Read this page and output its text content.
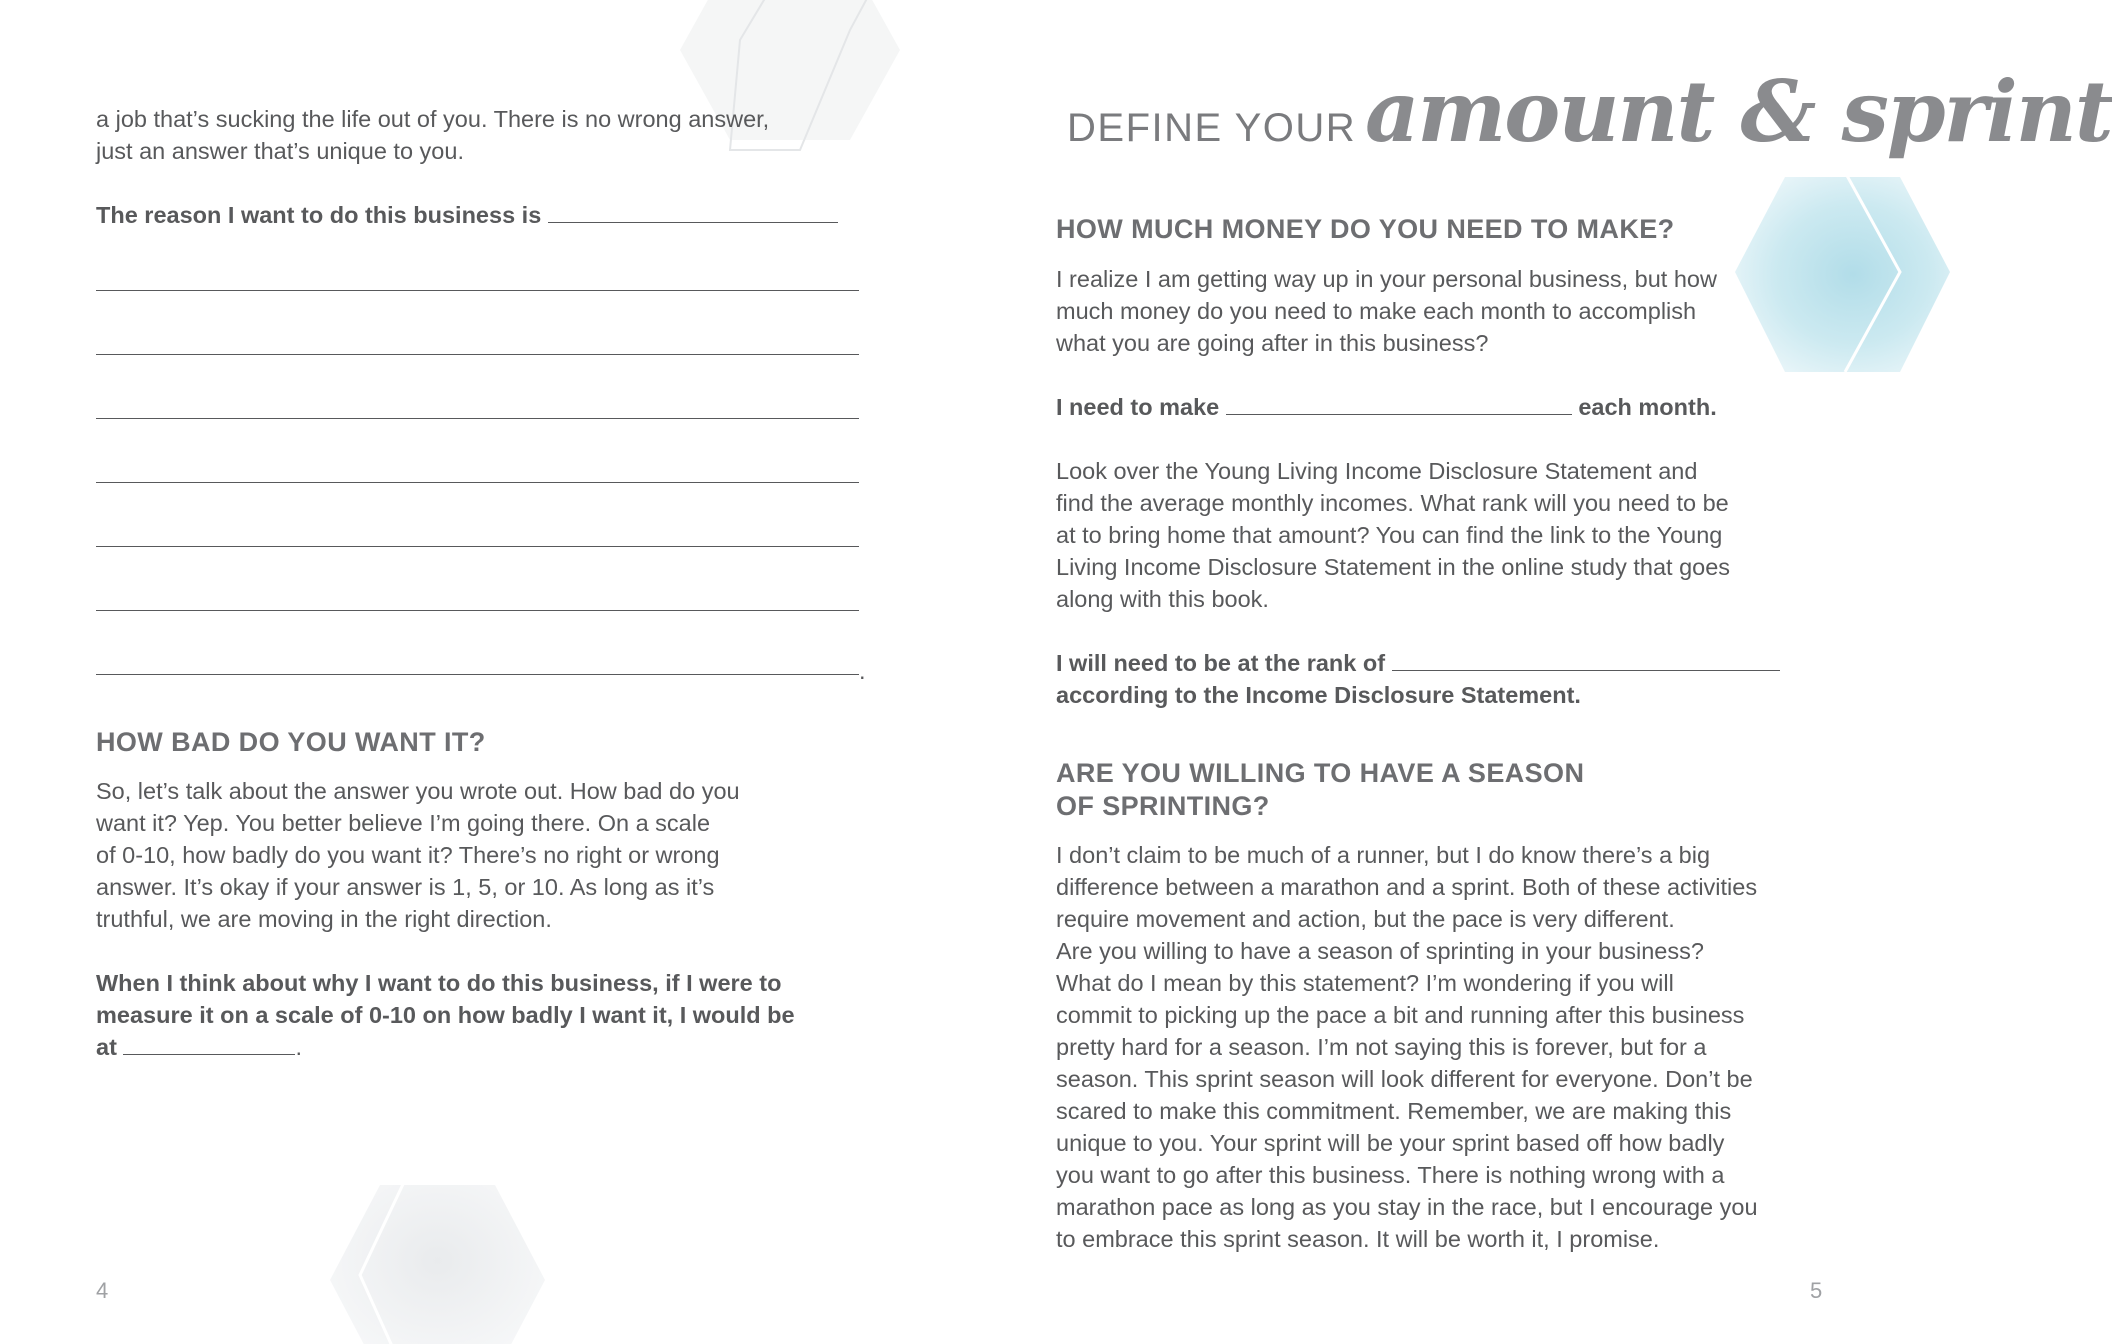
a job that’s sucking the life out of you. There is no wrong answer,

just an answer that’s unique to you.

The reason I want to do this business is

.

HOW BAD DO YOU WANT IT?

So, let’s talk about the answer you wrote out. How bad do you

want it? Yep. You better believe I’m going there. On a scale

of 0-10, how badly do you want it? There’s no right or wrong

answer. It’s okay if your answer is 1, 5, or 10. As long as it’s

truthful, we are moving in the right direction.

When I think about why I want to do this business, if I were to

measure it on a scale of 0-10 on how badly I want it, I would be

at	.

4
DEFINE YOUR amount & sprint
HOW MUCH MONEY DO YOU NEED TO MAKE?

I realize I am getting way up in your personal business, but how

much money do you need to make each month to accomplish

what you are going after in this business?

I need to make	each month.

Look over the Young Living Income Disclosure Statement and

find the average monthly incomes. What rank will you need to be

at to bring home that amount? You can find the link to the Young

Living Income Disclosure Statement in the online study that goes

along with this book.

I will need to be at the rank of

according to the Income Disclosure Statement.

ARE YOU WILLING TO HAVE A SEASON
OF SPRINTING?

I don’t claim to be much of a runner, but I do know there’s a big

difference between a marathon and a sprint. Both of these activities

require movement and action, but the pace is very different.

Are you willing to have a season of sprinting in your business?

What do I mean by this statement? I’m wondering if you will

commit to picking up the pace a bit and running after this business

pretty hard for a season. I’m not saying this is forever, but for a

season. This sprint season will look different for everyone. Don’t be

scared to make this commitment. Remember, we are making this

unique to you. Your sprint will be your sprint based off how badly

you want to go after this business. There is nothing wrong with a

marathon pace as long as you stay in the race, but I encourage you

to embrace this sprint season. It will be worth it, I promise.

5
